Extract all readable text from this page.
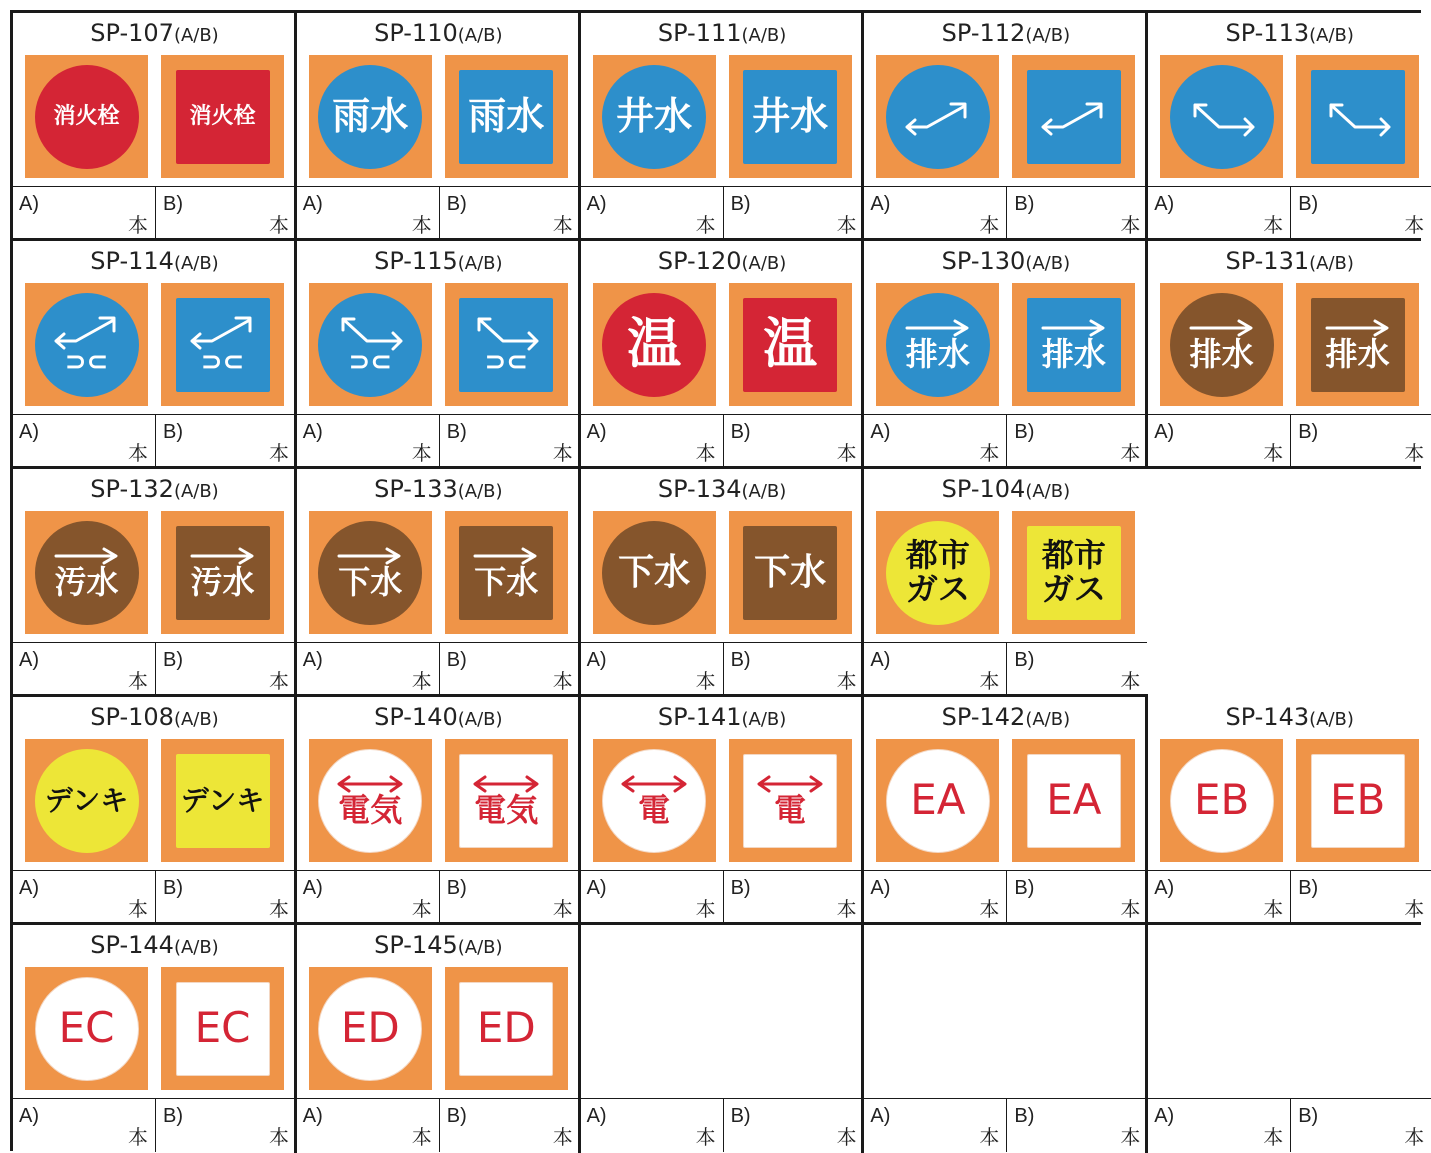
SP-107(A/B)
消火栓	消火栓
A)
本
B)
本
SP-110(A/B)
雨水 雨水
A)
本
B)
本
SP-111(A/B)
井水 井水
A)
本
B)
本
SP-112(A/B)
A)
本
B)
本
SP-113(A/B)
A)
本
B)
本
SP-114(A/B)
⊃⊂	⊃⊂
A)
本
B)
本
SP-115(A/B)
⊃⊂	⊃⊂
A)
本
B)
本
SP-120(A/B)
温 温
A)
本
B)
本
SP-130(A/B)
排水 排水
A)
本
B)
本
SP-131(A/B)
排水 排水
A)
本
B)
本
SP-132(A/B)
汚水 汚水
A)
本
B)
本
SP-133(A/B)
下水 下水
A)
本
B)
本
SP-134(A/B)
下水 下水
A)
本
B)
本
SP-104(A/B)
都市
ガス
都市
ガス
A)
本
B)
本
SP-108(A/B)
デンキ デンキ
A)
本
B)
本
SP-140(A/B)
電気 電気
A)
本
B)
本
SP-141(A/B)
電	電
A)
本
B)
本
SP-142(A/B)
EA EA
A)
本
B)
本
SP-143(A/B)
EB EB
A)
本
B)
本
SP-144(A/B)
EC EC
A)
本
B)
本
SP-145(A/B)
ED ED
A)
本
B)
本
A)
本
B)
本
A)
本
B)
本
A)
本
B)
本
